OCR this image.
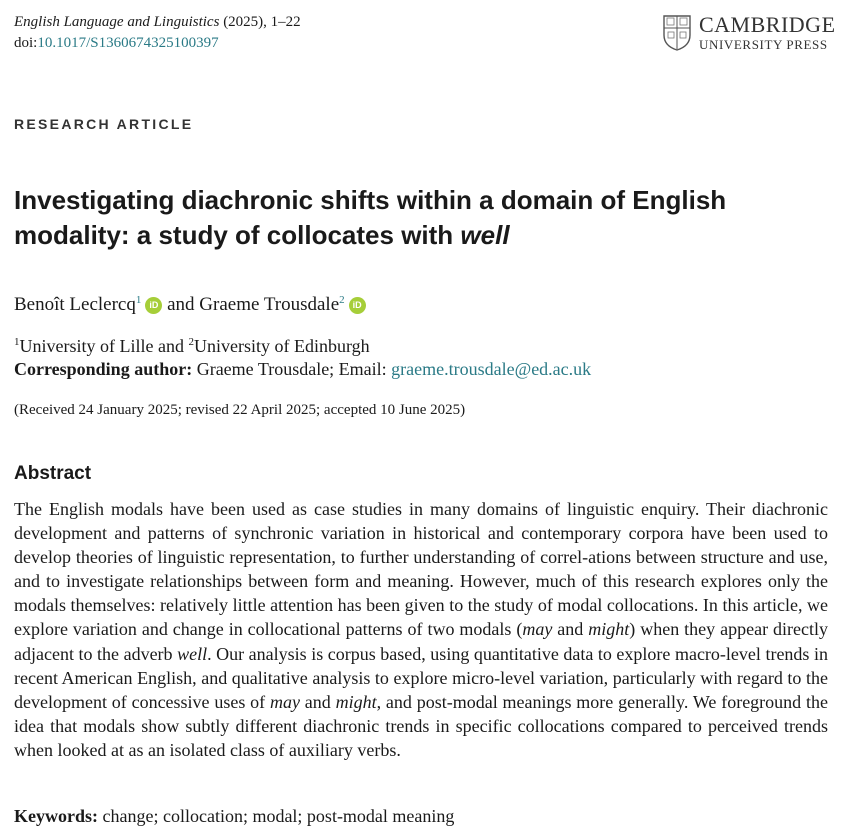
English Language and Linguistics (2025), 1–22
doi:10.1017/S1360674325100397
CAMBRIDGE
UNIVERSITY PRESS
RESEARCH ARTICLE
Investigating diachronic shifts within a domain of English modality: a study of collocates with well
Benoît Leclercq$^1$ iD and Graeme Trousdale$^2$ iD
$^1$University of Lille and $^2$University of Edinburgh
Corresponding author: Graeme Trousdale; Email: graeme.trousdale@ed.ac.uk
(Received 24 January 2025; revised 22 April 2025; accepted 10 June 2025)
Abstract
The English modals have been used as case studies in many domains of linguistic enquiry. Their diachronic development and patterns of synchronic variation in historical and contemporary corpora have been used to develop theories of linguistic representation, to further understanding of correl-ations between structure and use, and to investigate relationships between form and meaning. However, much of this research explores only the modals themselves: relatively little attention has been given to the study of modal collocations. In this article, we explore variation and change in collocational patterns of two modals (may and might) when they appear directly adjacent to the adverb well. Our analysis is corpus based, using quantitative data to explore macro-level trends in recent American English, and qualitative analysis to explore micro-level variation, particularly with regard to the development of concessive uses of may and might, and post-modal meanings more generally. We foreground the idea that modals show subtly different diachronic trends in specific collocations compared to perceived trends when looked at as an isolated class of auxiliary verbs.
Keywords: change; collocation; modal; post-modal meaning
